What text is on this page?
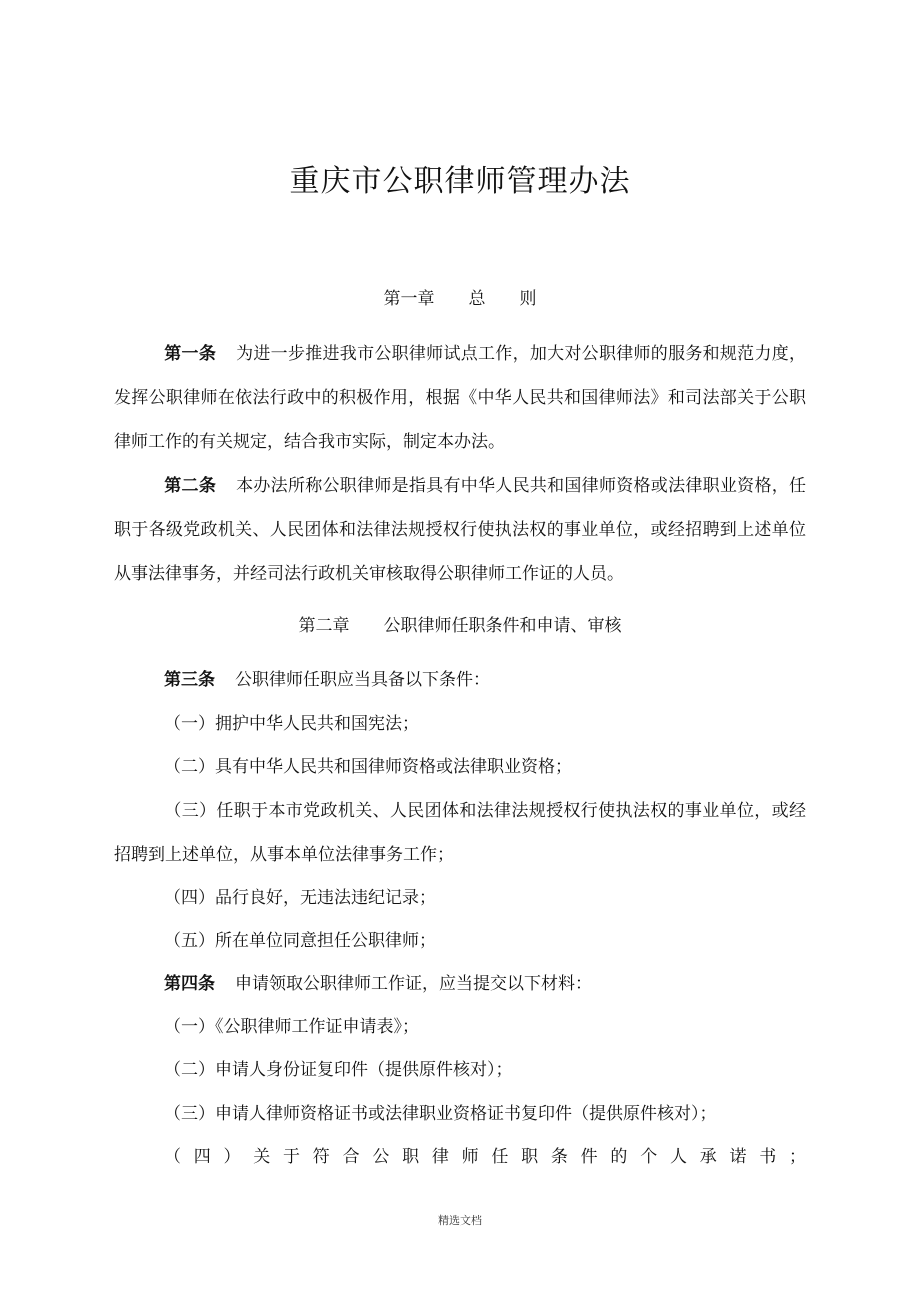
重庆市公职律师管理办法
第一章 总 则
第一条 为进一步推进我市公职律师试点工作，加大对公职律师的服务和规范力度，发挥公职律师在依法行政中的积极作用，根据《中华人民共和国律师法》和司法部关于公职律师工作的有关规定，结合我市实际，制定本办法。
第二条 本办法所称公职律师是指具有中华人民共和国律师资格或法律职业资格，任职于各级党政机关、人民团体和法律法规授权行使执法权的事业单位，或经招聘到上述单位从事法律事务，并经司法行政机关审核取得公职律师工作证的人员。
第二章 公职律师任职条件和申请、审核
第三条 公职律师任职应当具备以下条件：
（一）拥护中华人民共和国宪法；
（二）具有中华人民共和国律师资格或法律职业资格；
（三）任职于本市党政机关、人民团体和法律法规授权行使执法权的事业单位，或经招聘到上述单位，从事本单位法律事务工作；
（四）品行良好，无违法违纪记录；
（五）所在单位同意担任公职律师；
第四条 申请领取公职律师工作证，应当提交以下材料：
（一）《公职律师工作证申请表》；
（二）申请人身份证复印件（提供原件核对）；
（三）申请人律师资格证书或法律职业资格证书复印件（提供原件核对）；
（四）关于符合公职律师任职条件的个人承诺书；
精选文档
